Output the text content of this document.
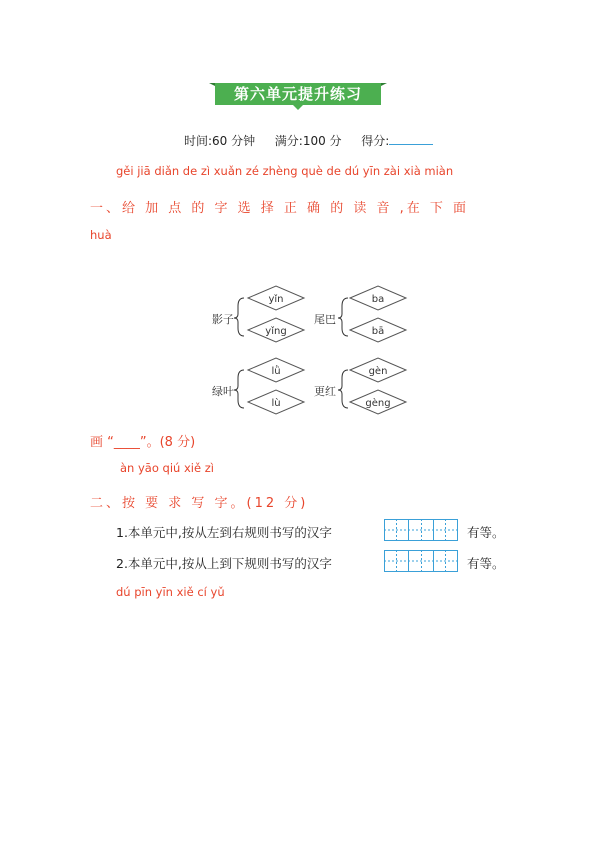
第六单元提升练习
时间:60 分钟 满分:100 分 得分:
gěi jiā diǎn de zì xuǎn zé zhèng què de dú yīn zài xià miàn
一、给 加 点 的 字 选 择 正 确 的 读 音 ,在 下 面
huà
yǐn
yǐng
ba
bā
lǜ
lù
gèn
gèng
影子	尾巴
绿叶	更红
画 “____”。(8 分)
àn yāo qiú xiě zì
二、按 要 求 写 字。(12 分)
1.本单元中,按从左到右规则书写的汉字	有等。
2.本单元中,按从上到下规则书写的汉字	有等。
dú pīn yīn xiě cí yǔ
